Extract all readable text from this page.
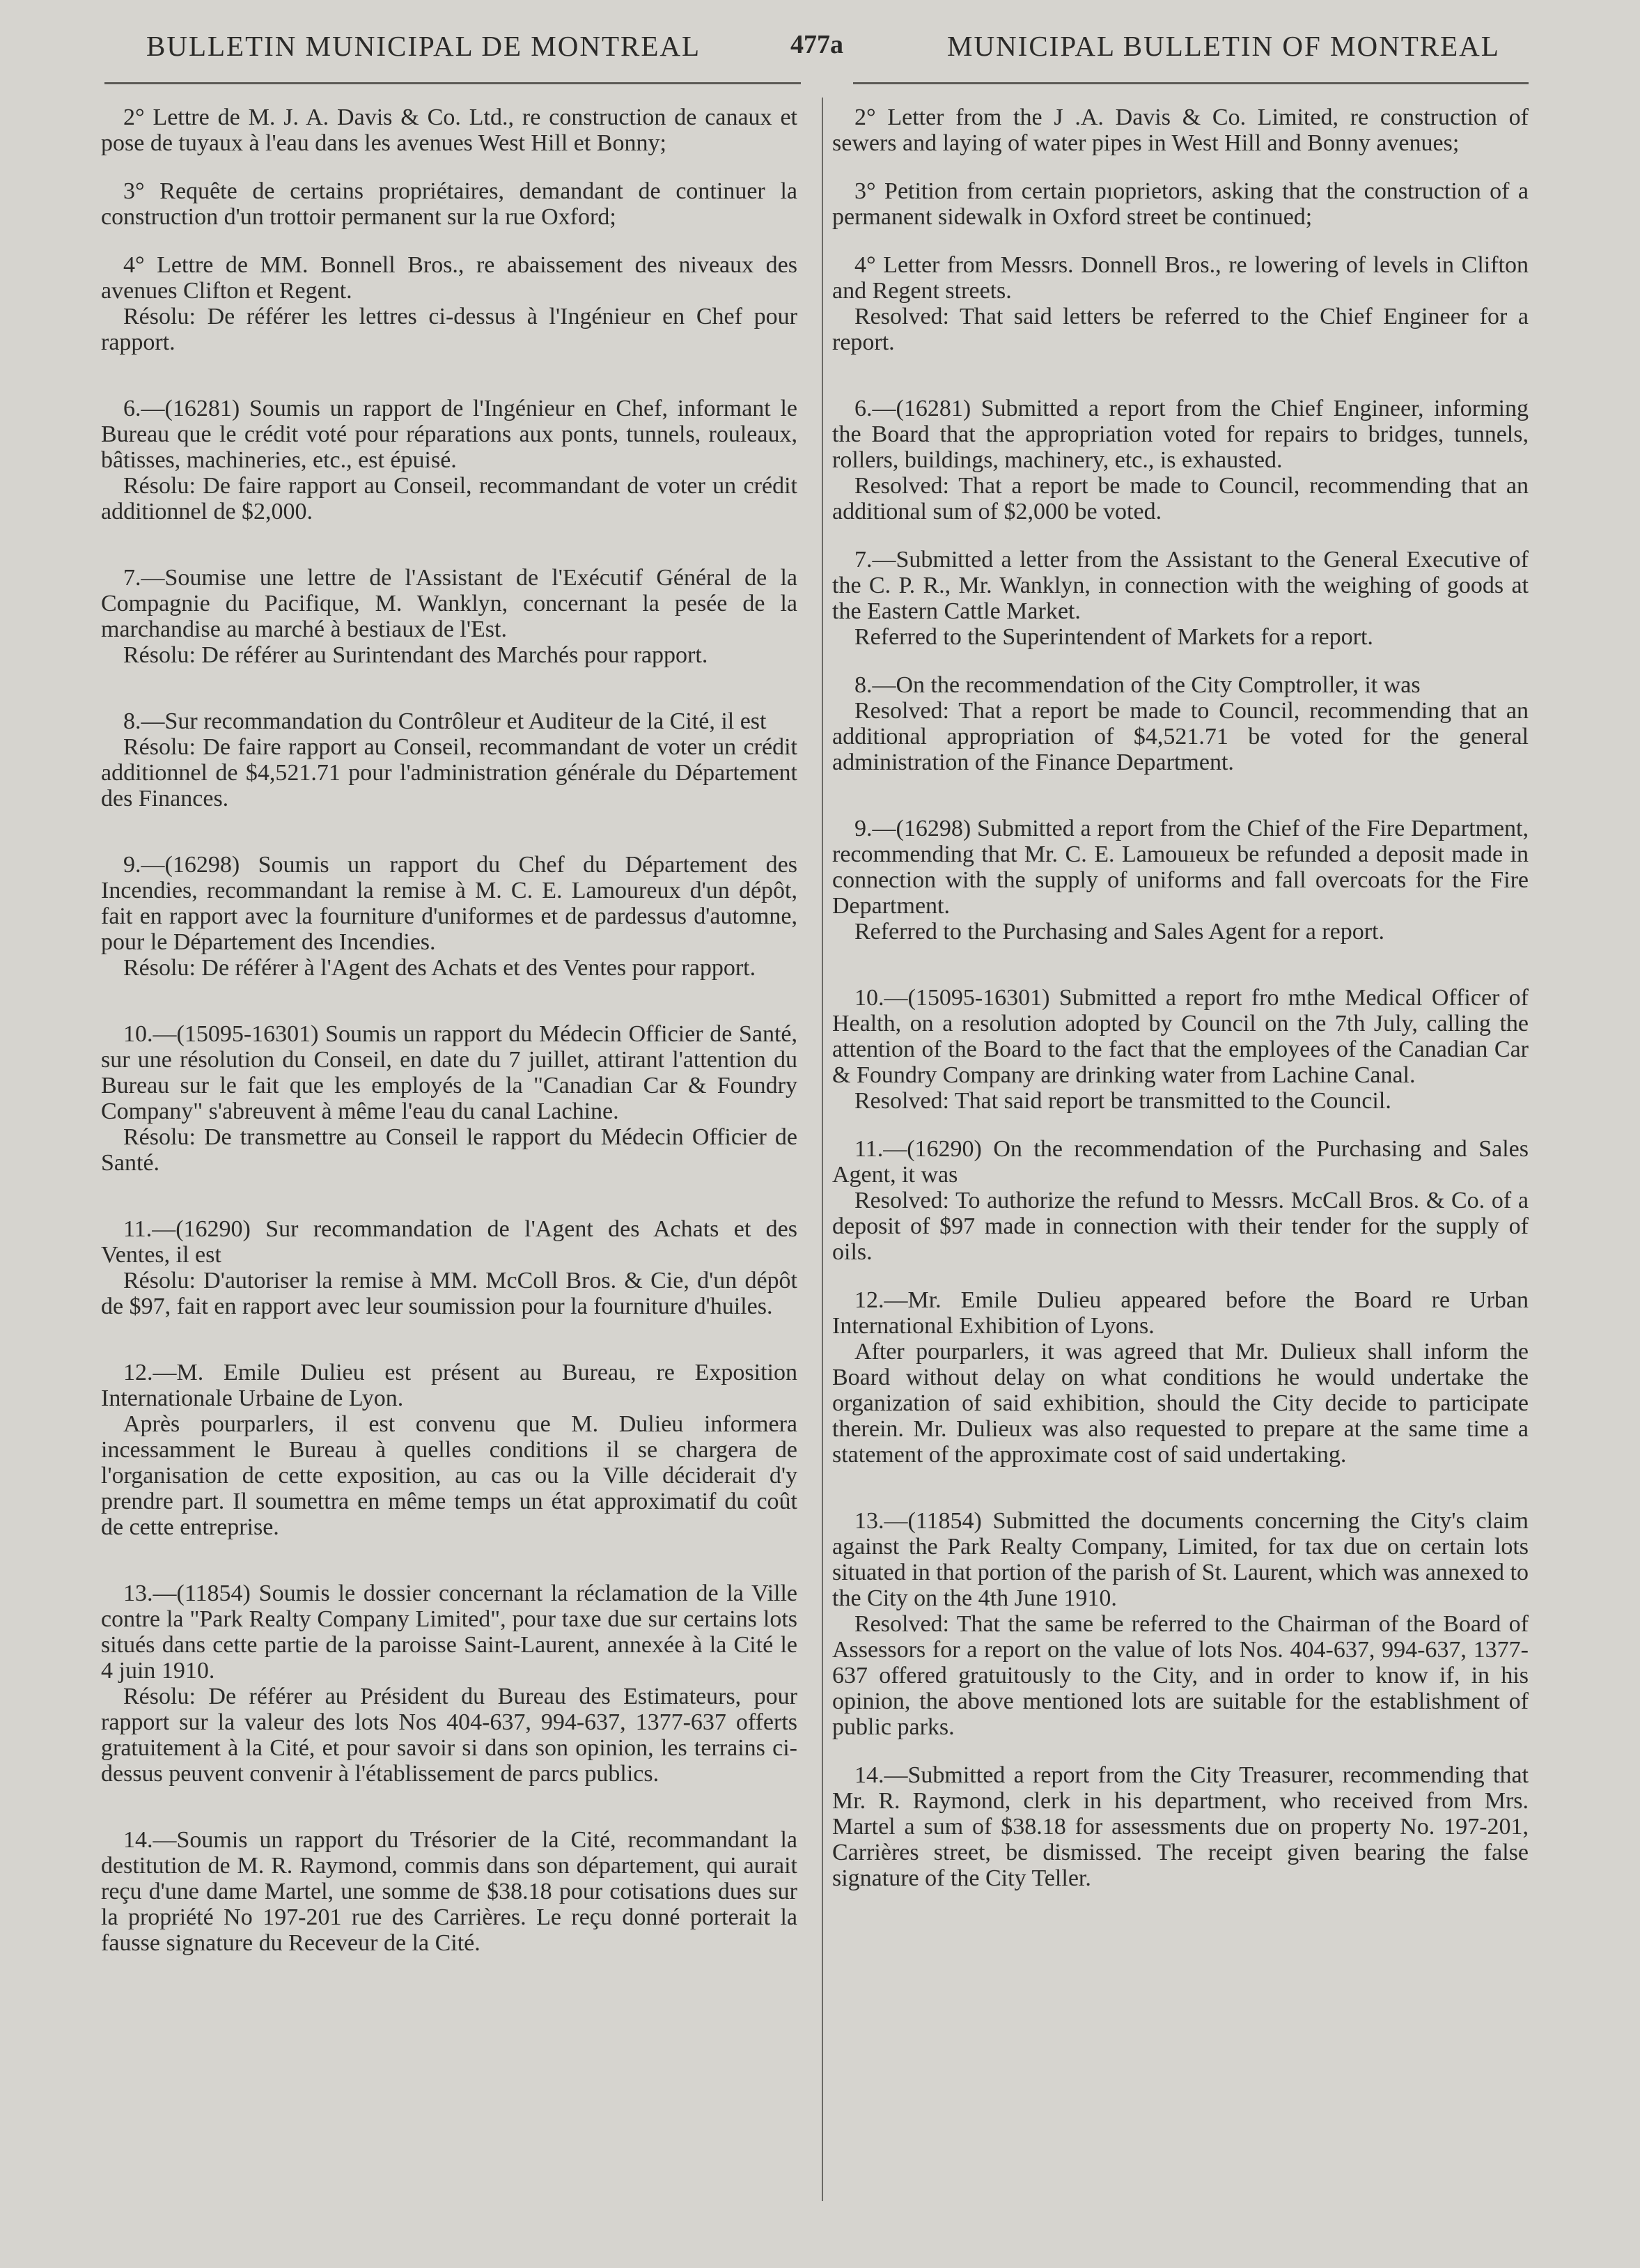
BULLETIN MUNICIPAL DE MONTREAL	477a	MUNICIPAL BULLETIN OF MONTREAL

2° Lettre de M. J. A. Davis & Co. Ltd., re construction de canaux et pose de tuyaux à l'eau dans les avenues West Hill et Bonny;

3° Requête de certains propriétaires, demandant de continuer la construction d'un trottoir permanent sur la rue Oxford;

4° Lettre de MM. Bonnell Bros., re abaissement des niveaux des avenues Clifton et Regent.

Résolu: De référer les lettres ci-dessus à l'Ingénieur en Chef pour rapport.

6.—(16281) Soumis un rapport de l'Ingénieur en Chef, informant le Bureau que le crédit voté pour réparations aux ponts, tunnels, rouleaux, bâtisses, machineries, etc., est épuisé.

Résolu: De faire rapport au Conseil, recommandant de voter un crédit additionnel de $2,000.

7.—Soumise une lettre de l'Assistant de l'Exécutif Général de la Compagnie du Pacifique, M. Wanklyn, concernant la pesée de la marchandise au marché à bestiaux de l'Est.

Résolu: De référer au Surintendant des Marchés pour rapport.

8.—Sur recommandation du Contrôleur et Auditeur de la Cité, il est

Résolu: De faire rapport au Conseil, recommandant de voter un crédit additionnel de $4,521.71 pour l'administration générale du Département des Finances.

9.—(16298) Soumis un rapport du Chef du Département des Incendies, recommandant la remise à M. C. E. Lamoureux d'un dépôt, fait en rapport avec la fourniture d'uniformes et de pardessus d'automne, pour le Département des Incendies.

Résolu: De référer à l'Agent des Achats et des Ventes pour rapport.

10.—(15095-16301) Soumis un rapport du Médecin Officier de Santé, sur une résolution du Conseil, en date du 7 juillet, attirant l'attention du Bureau sur le fait que les employés de la "Canadian Car & Foundry Company" s'abreuvent à même l'eau du canal Lachine.

Résolu: De transmettre au Conseil le rapport du Médecin Officier de Santé.

11.—(16290) Sur recommandation de l'Agent des Achats et des Ventes, il est

Résolu: D'autoriser la remise à MM. McColl Bros. & Cie, d'un dépôt de $97, fait en rapport avec leur soumission pour la fourniture d'huiles.

12.—M. Emile Dulieu est présent au Bureau, re Exposition Internationale Urbaine de Lyon.

Après pourparlers, il est convenu que M. Dulieu informera incessamment le Bureau à quelles conditions il se chargera de l'organisation de cette exposition, au cas ou la Ville déciderait d'y prendre part. Il soumettra en même temps un état approximatif du coût de cette entreprise.

13.—(11854) Soumis le dossier concernant la réclamation de la Ville contre la "Park Realty Company Limited", pour taxe due sur certains lots situés dans cette partie de la paroisse Saint-Laurent, annexée à la Cité le 4 juin 1910.

Résolu: De référer au Président du Bureau des Estimateurs, pour rapport sur la valeur des lots Nos 404-637, 994-637, 1377-637 offerts gratuitement à la Cité, et pour savoir si dans son opinion, les terrains ci-dessus peuvent convenir à l'établissement de parcs publics.

14.—Soumis un rapport du Trésorier de la Cité, recommandant la destitution de M. R. Raymond, commis dans son département, qui aurait reçu d'une dame Martel, une somme de $38.18 pour cotisations dues sur la propriété No 197-201 rue des Carrières. Le reçu donné porterait la fausse signature du Receveur de la Cité.

2° Letter from the J .A. Davis & Co. Limited, re construction of sewers and laying of water pipes in West Hill and Bonny avenues;

3° Petition from certain pıoprietors, asking that the construction of a permanent sidewalk in Oxford street be continued;

4° Letter from Messrs. Donnell Bros., re lowering of levels in Clifton and Regent streets.

Resolved: That said letters be referred to the Chief Engineer for a report.

6.—(16281) Submitted a report from the Chief Engineer, informing the Board that the appropriation voted for repairs to bridges, tunnels, rollers, buildings, machinery, etc., is exhausted.

Resolved: That a report be made to Council, recommending that an additional sum of $2,000 be voted.

7.—Submitted a letter from the Assistant to the General Executive of the C. P. R., Mr. Wanklyn, in connection with the weighing of goods at the Eastern Cattle Market.

Referred to the Superintendent of Markets for a report.

8.—On the recommendation of the City Comptroller, it was

Resolved: That a report be made to Council, recommending that an additional appropriation of $4,521.71 be voted for the general administration of the Finance Department.

9.—(16298) Submitted a report from the Chief of the Fire Department, recommending that Mr. C. E. Lamouıeux be refunded a deposit made in connection with the supply of uniforms and fall overcoats for the Fire Department.

Referred to the Purchasing and Sales Agent for a report.

10.—(15095-16301) Submitted a report fro mthe Medical Officer of Health, on a resolution adopted by Council on the 7th July, calling the attention of the Board to the fact that the employees of the Canadian Car & Foundry Company are drinking water from Lachine Canal.

Resolved: That said report be transmitted to the Council.

11.—(16290) On the recommendation of the Purchasing and Sales Agent, it was

Resolved: To authorize the refund to Messrs. McCall Bros. & Co. of a deposit of $97 made in connection with their tender for the supply of oils.

12.—Mr. Emile Dulieu appeared before the Board re Urban International Exhibition of Lyons.

After pourparlers, it was agreed that Mr. Dulieux shall inform the Board without delay on what conditions he would undertake the organization of said exhibition, should the City decide to participate therein. Mr. Dulieux was also requested to prepare at the same time a statement of the approximate cost of said undertaking.

13.—(11854) Submitted the documents concerning the City's claim against the Park Realty Company, Limited, for tax due on certain lots situated in that portion of the parish of St. Laurent, which was annexed to the City on the 4th June 1910.

Resolved: That the same be referred to the Chairman of the Board of Assessors for a report on the value of lots Nos. 404-637, 994-637, 1377-637 offered gratuitously to the City, and in order to know if, in his opinion, the above mentioned lots are suitable for the establishment of public parks.

14.—Submitted a report from the City Treasurer, recommending that Mr. R. Raymond, clerk in his department, who received from Mrs. Martel a sum of $38.18 for assessments due on property No. 197-201, Carrières street, be dismissed. The receipt given bearing the false signature of the City Teller.
